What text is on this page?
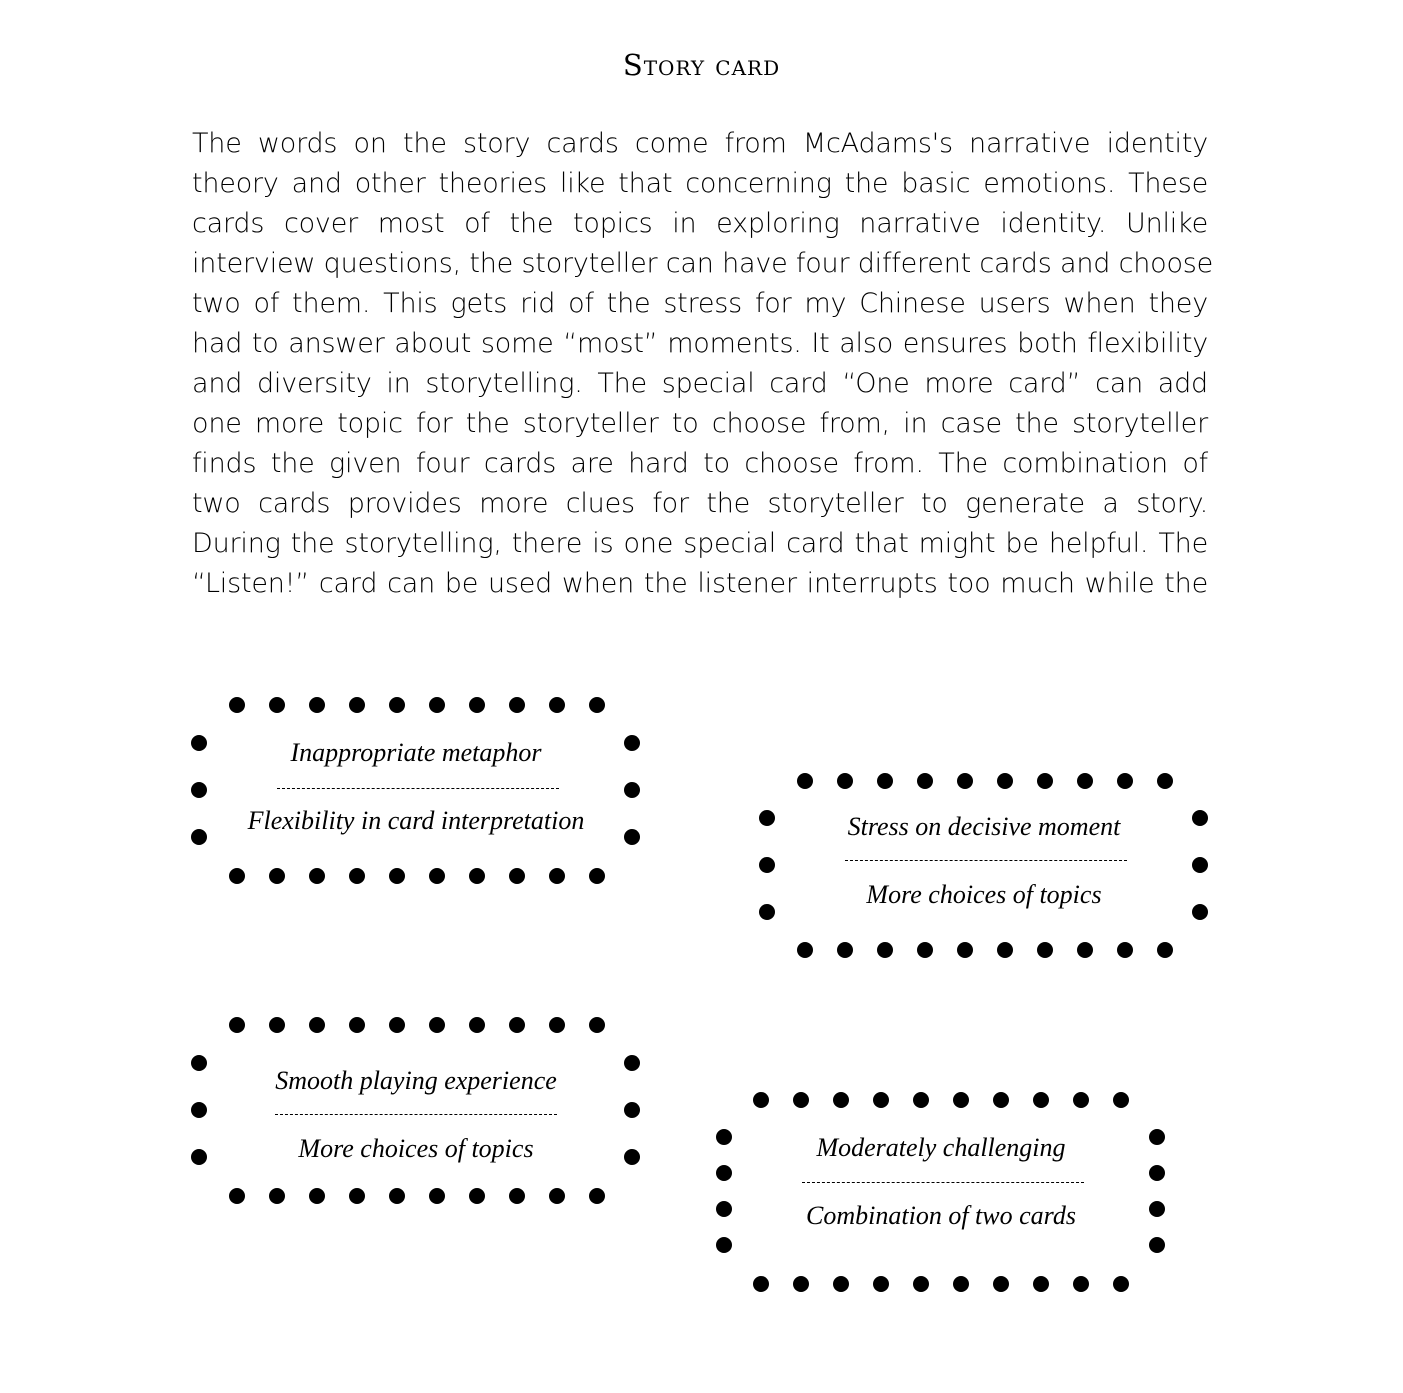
Story card
The words on the story cards come from McAdams's narrative identity
theory and other theories like that concerning the basic emotions. These
cards cover most of the topics in exploring narrative identity. Unlike
interview questions, the storyteller can have four different cards and choose
two of them. This gets rid of the stress for my Chinese users when they
had to answer about some “most” moments. It also ensures both flexibility
and diversity in storytelling. The special card “One more card” can add
one more topic for the storyteller to choose from, in case the storyteller
finds the given four cards are hard to choose from. The combination of
two cards provides more clues for the storyteller to generate a story.
During the storytelling, there is one special card that might be helpful. The
“Listen!” card can be used when the listener interrupts too much while the
Inappropriate metaphor
Flexibility in card interpretation	Stress on decisive moment
More choices of topics
Smooth playing experience
More choices of topics	Moderately challenging
Combination of two cards
